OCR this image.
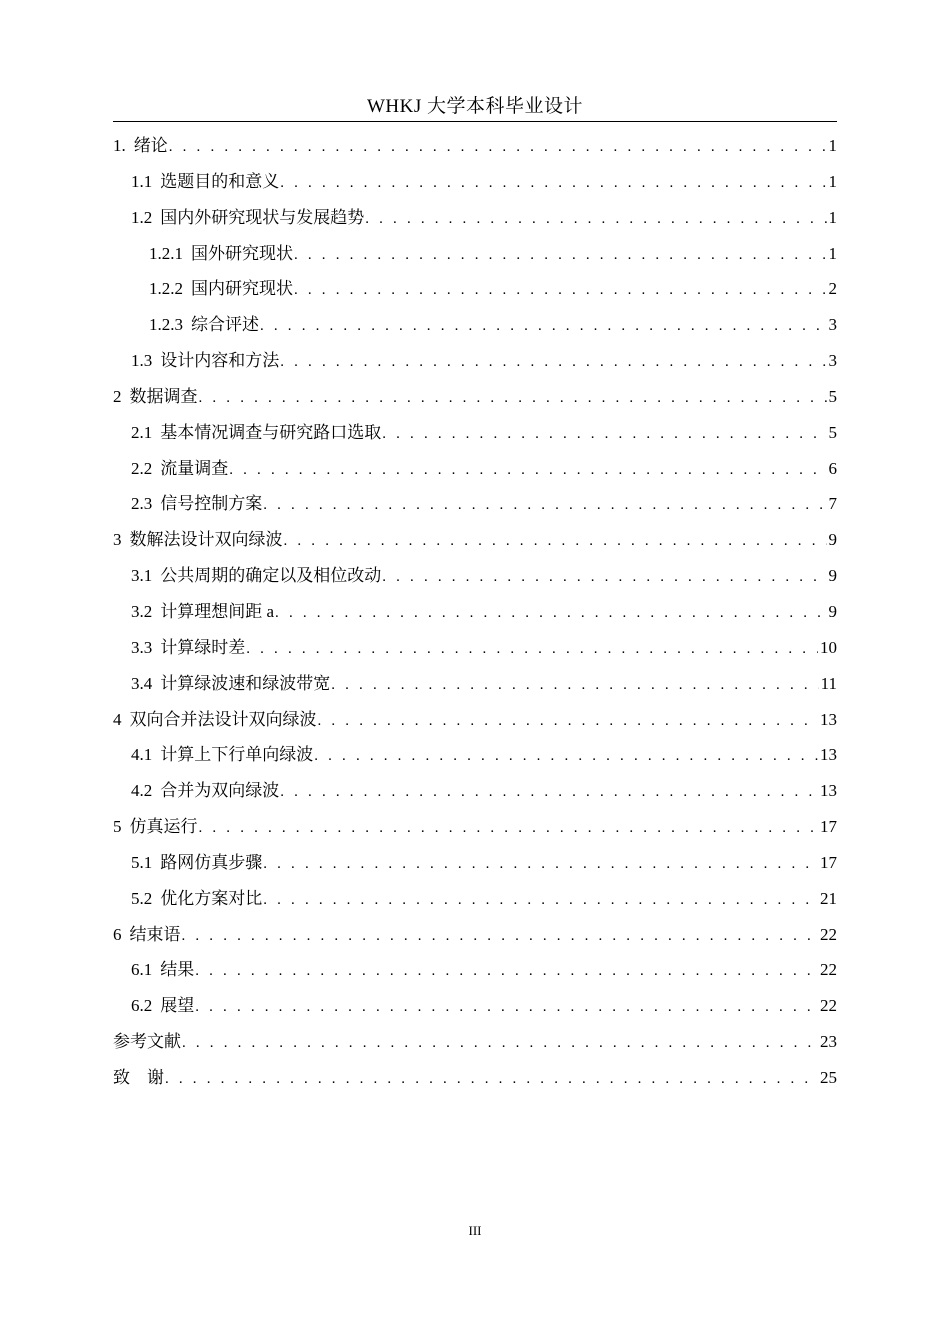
WHKJ 大学本科毕业设计
1. 绪论 . . .	1
1.1 选题目的和意义 . . .	1
1.2 国内外研究现状与发展趋势 . . .	1
1.2.1 国外研究现状 . . .	1
1.2.2 国内研究现状 . . .	2
1.2.3 综合评述 . . .	3
1.3 设计内容和方法 . . .	3
2 数据调查 . . .	5
2.1 基本情况调查与研究路口选取 . . .	5
2.2 流量调查 . . .	6
2.3 信号控制方案 . . .	7
3 数解法设计双向绿波 . . .	9
3.1 公共周期的确定以及相位改动 . . .	9
3.2 计算理想间距 a . . .	9
3.3 计算绿时差 . . .	10
3.4 计算绿波速和绿波带宽 . . .	11
4 双向合并法设计双向绿波 . . .	13
4.1 计算上下行单向绿波 . . .	13
4.2 合并为双向绿波 . . .	13
5 仿真运行 . . .	17
5.1 路网仿真步骤 . . .	17
5.2 优化方案对比 . . .	21
6 结束语 . . .	22
6.1 结果 . . .	22
6.2 展望 . . .	22
参考文献 . . .	23
致　谢 . . .	25
III
